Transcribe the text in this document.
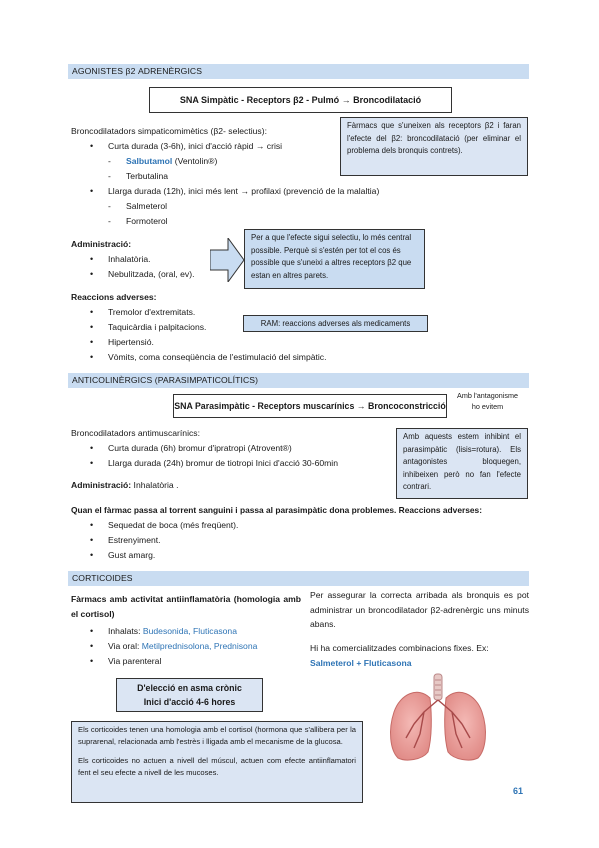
AGONISTES β2 ADRENÈRGICS
SNA Simpàtic - Receptors β2 - Pulmó → Broncodilatació
Broncodilatadors simpaticomimètics (β2- selectius):
• Curta durada (3-6h), inici d'acció ràpid → crisi
- Salbutamol (Ventolin®)
- Terbutalina
• Llarga durada (12h), inici més lent → profilaxi (prevenció de la malaltia)
- Salmeterol
- Formoterol
Fàrmacs que s'uneixen als receptors β2 i faran l'efecte del β2: broncodilatació (per eliminar el problema dels bronquis contrets).
Administració:
• Inhalatòria.
• Nebulitzada, (oral, ev).
Per a que l'efecte sigui selectiu, lo més central possible. Perquè si s'estén per tot el cos és possible que s'uneixi a altres receptors β2 que estan en altres parets.
Reaccions adverses:
• Tremolor d'extremitats.
• Taquicàrdia i palpitacions.
• Hipertensió.
• Vòmits, coma conseqüència de l'estimulació del simpàtic.
RAM: reaccions adverses als medicaments
ANTICOLINÈRGICS (PARASIMPATICOLÍTICS)
SNA Parasimpàtic - Receptors muscarínics → Broncoconstricció
Amb l'antagonisme ho evitem
Broncodilatadors antimuscarínics:
• Curta durada (6h) bromur d'ipratropi (Atrovent®)
• Llarga durada (24h) bromur de tiotropi Inici d'acció 30-60min
Administració: Inhalatòria .
Amb aquests estem inhibint el parasimpàtic (lisis=rotura). Els antagonistes bloquegen, inhibeixen però no fan l'efecte contrari.
Quan el fàrmac passa al torrent sanguini i passa al parasimpàtic dona problemes. Reaccions adverses:
• Sequedat de boca (més freqüent).
• Estrenyiment.
• Gust amarg.
CORTICOIDES
Fàrmacs amb activitat antiinflamatòria (homologia amb el cortisol)
• Inhalats: Budesonida, Fluticasona
• Via oral: Metilprednisolona, Prednisona
• Via parenteral
Per assegurar la correcta arribada als bronquis es pot administrar un broncodilatador β2-adrenèrgic uns minuts abans.
Hi ha comercialitzades combinacions fixes. Ex:
Salmeterol + Fluticasona
D'elecció en asma crònic
Inici d'acció 4-6 hores
Els corticoides tenen una homologia amb el cortisol (hormona que s'allibera per la suprarenal, relacionada amb l'estrès i lligada amb el mecanisme de la glucosa.
Els corticoides no actuen a nivell del múscul, actuen com efecte antiinflamatori fent el seu efecte a nivell de les mucoses.
61
